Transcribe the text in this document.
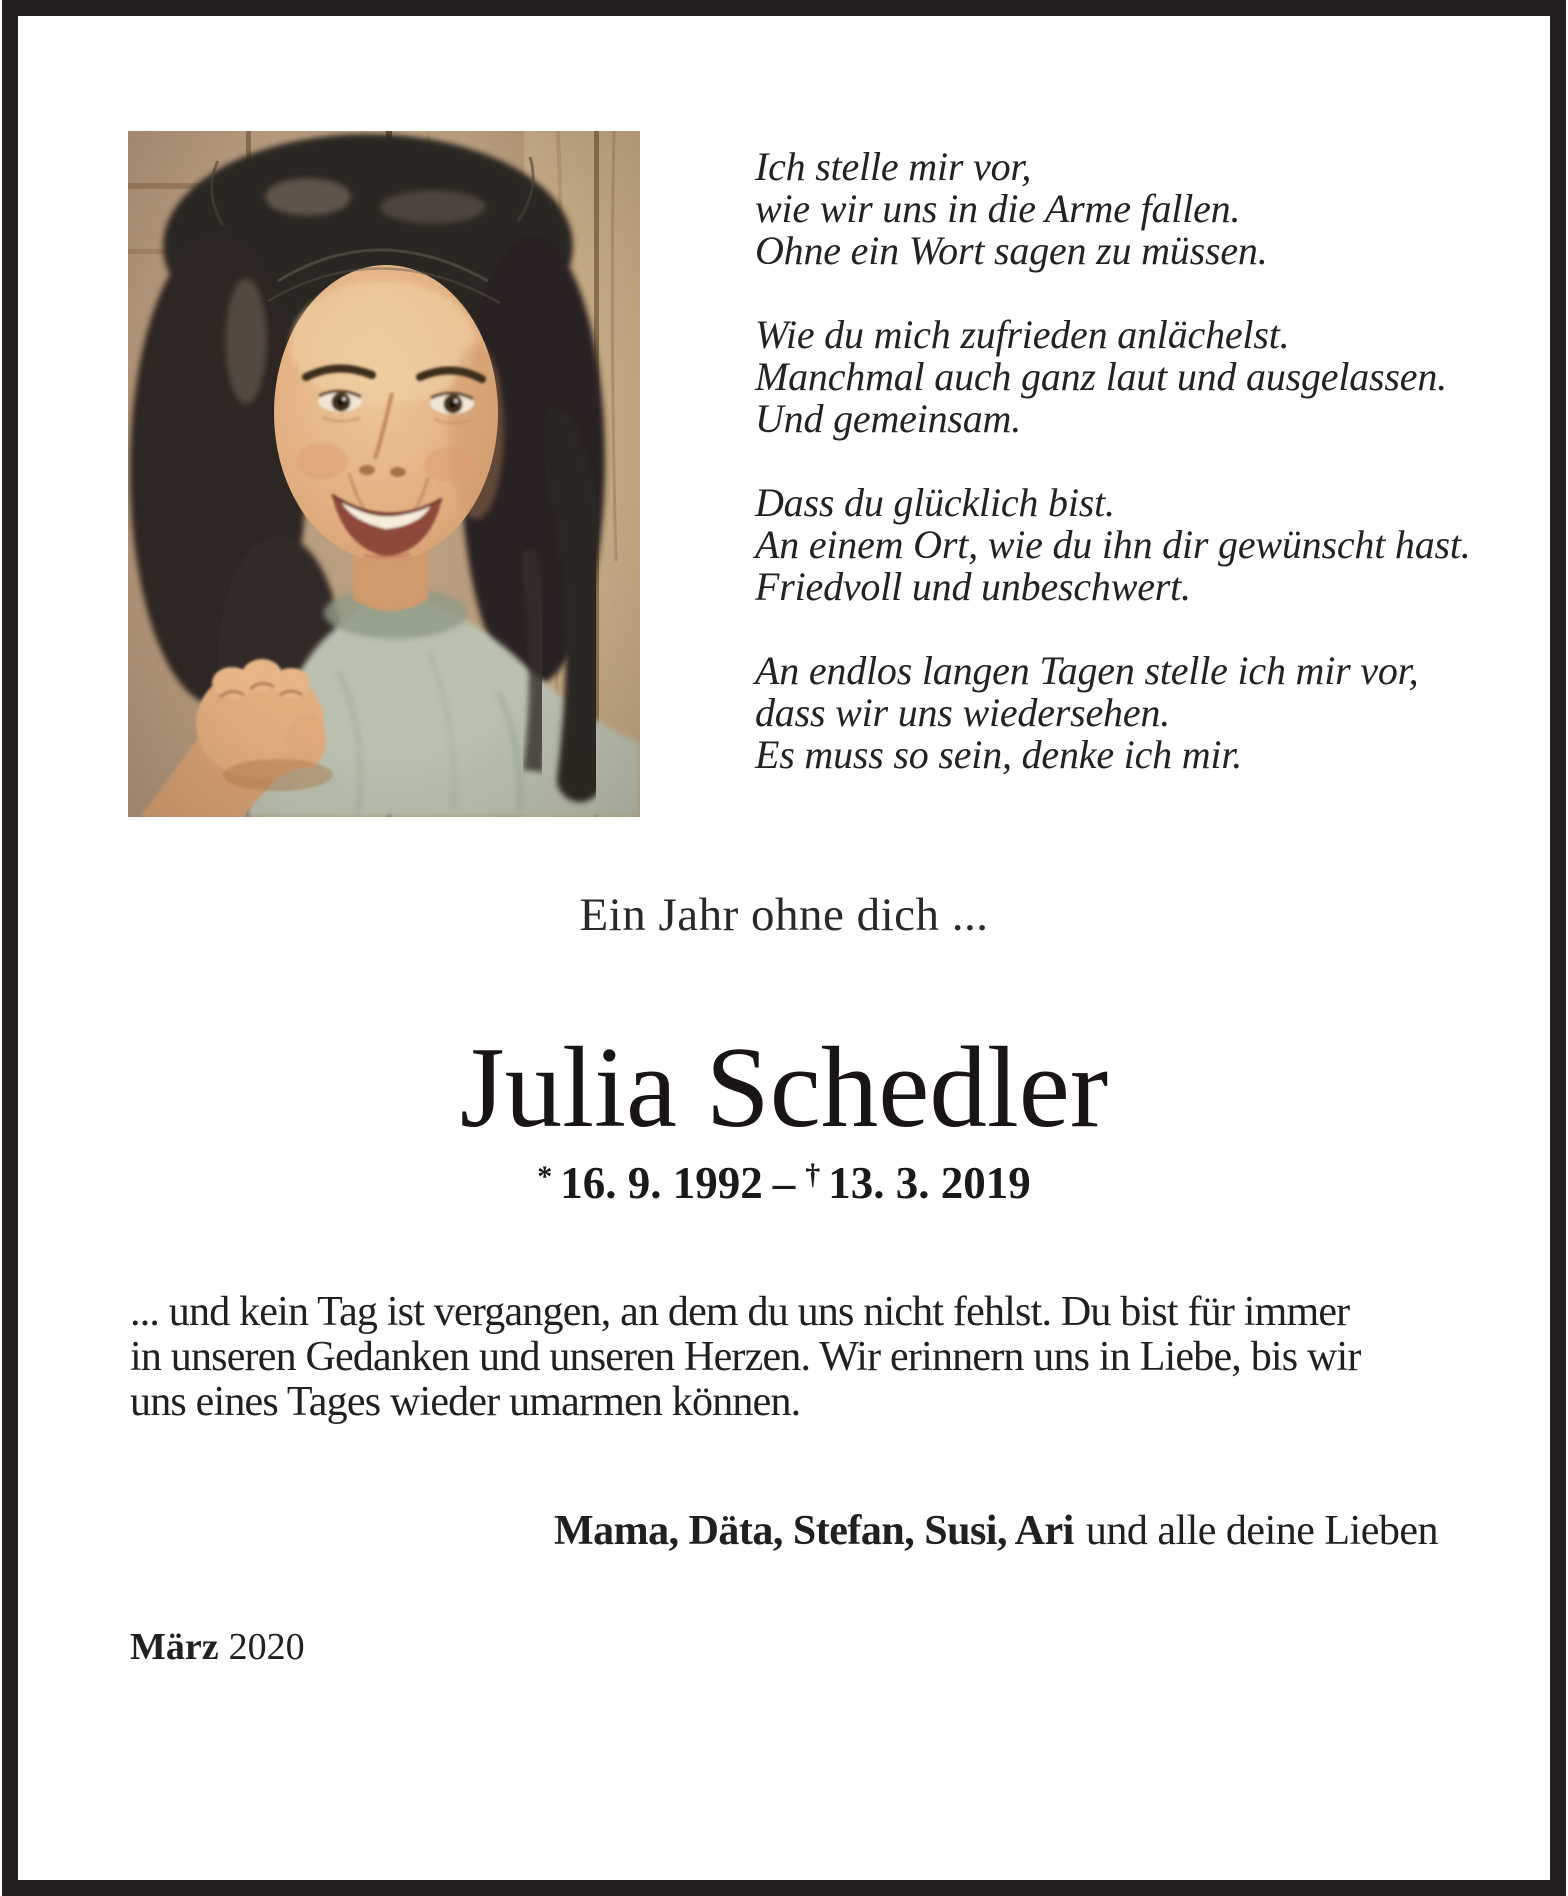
Ich stelle mir vor,
wie wir uns in die Arme fallen.
Ohne ein Wort sagen zu müssen.
Wie du mich zufrieden anlächelst.
Manchmal auch ganz laut und ausgelassen.
Und gemeinsam.
Dass du glücklich bist.
An einem Ort, wie du ihn dir gewünscht hast.
Friedvoll und unbeschwert.
An endlos langen Tagen stelle ich mir vor,
dass wir uns wiedersehen.
Es muss so sein, denke ich mir.
Ein Jahr ohne dich ...
Julia Schedler
* 16. 9. 1992 – † 13. 3. 2019
... und kein Tag ist vergangen, an dem du uns nicht fehlst. Du bist für immer
in unseren Gedanken und unseren Herzen. Wir erinnern uns in Liebe, bis wir
uns eines Tages wieder umarmen können.
Mama, Däta, Stefan, Susi, Ari und alle deine Lieben
März 2020
